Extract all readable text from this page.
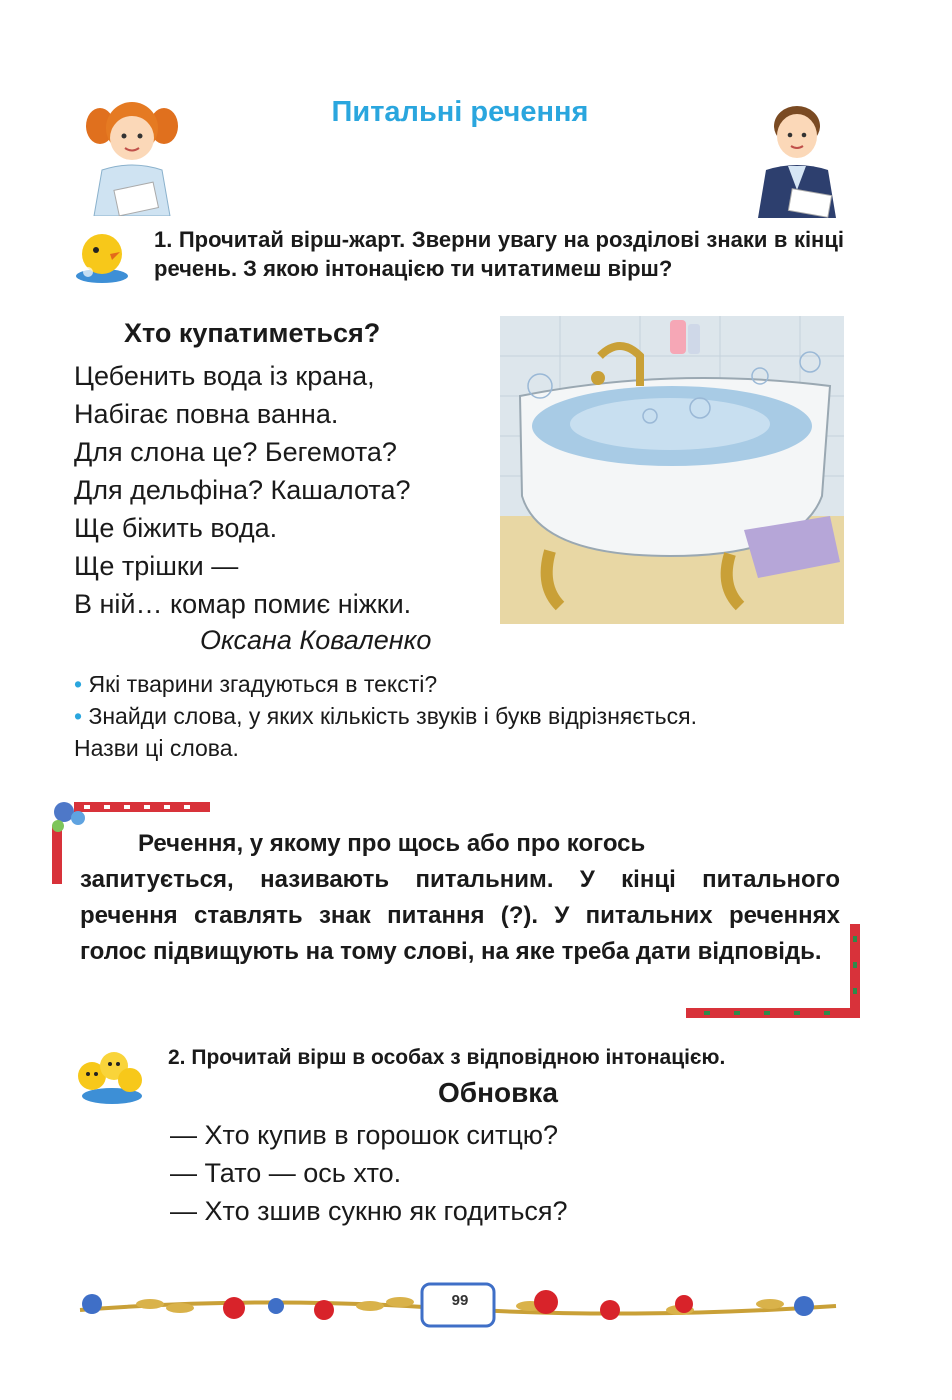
Питальні речення
1. Прочитай вірш-жарт. Зверни увагу на розділові знаки в кінці речень. З якою інтонацією ти читатимеш вірш?
Хто купатиметься?
Цебенить вода із крана,
Набігає повна ванна.
Для слона це? Бегемота?
Для дельфіна? Кашалота?
Ще біжить вода.
Ще трішки —
В ній… комар помиє ніжки.
Оксана Коваленко
• Які тварини згадуються в тексті?
• Знайди слова, у яких кількість звуків і букв відрізняється.
Назви ці слова.
Речення, у якому про щось або про когось
запитується, називають питальним. У кінці питального речення ставлять знак питання (?). У питальних реченнях голос підвищують на тому слові, на яке треба дати відповідь.
2. Прочитай вірш в особах з відповідною інтонацією.
Обновка
— Хто купив в горошок ситцю?
— Тато — ось хто.
— Хто зшив сукню як годиться?
99
